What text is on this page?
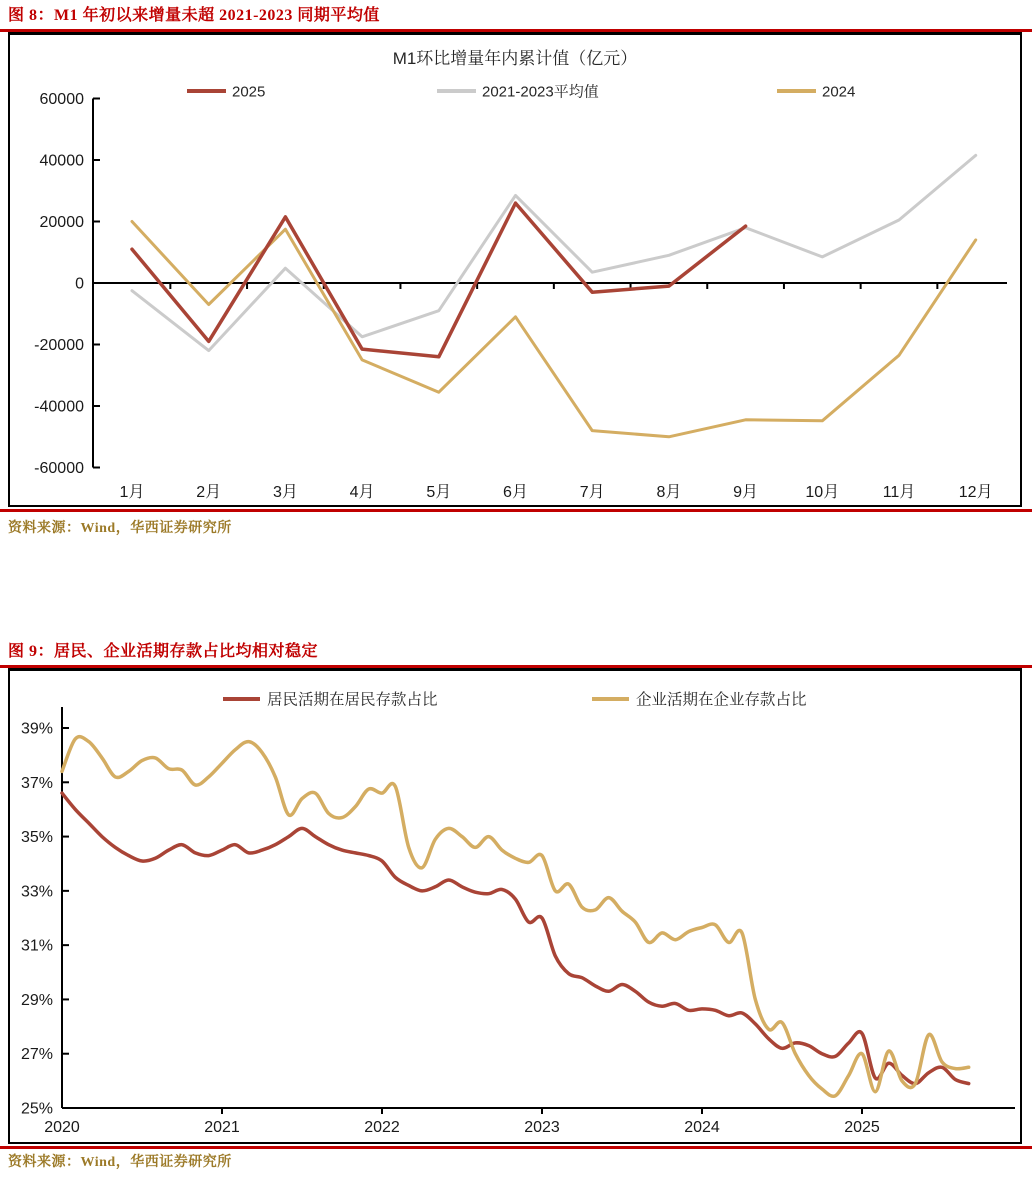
图 8：M1 年初以来增量未超 2021-2023 同期平均值
M1环比增量年内累计值（亿元）
2025	2021-2023平均值	2024
60000
40000
20000
0
-20000
-40000
-60000
1月	2月	3月	4月	5月	6月	7月	8月	9月	10月	11月	12月
资料来源：Wind，华西证券研究所
图 9：居民、企业活期存款占比均相对稳定
居民活期在居民存款占比	企业活期在企业存款占比
39%
37%
35%
33%
31%
29%
27%
25%
2020	2021	2022	2023	2024	2025
资料来源：Wind，华西证券研究所
